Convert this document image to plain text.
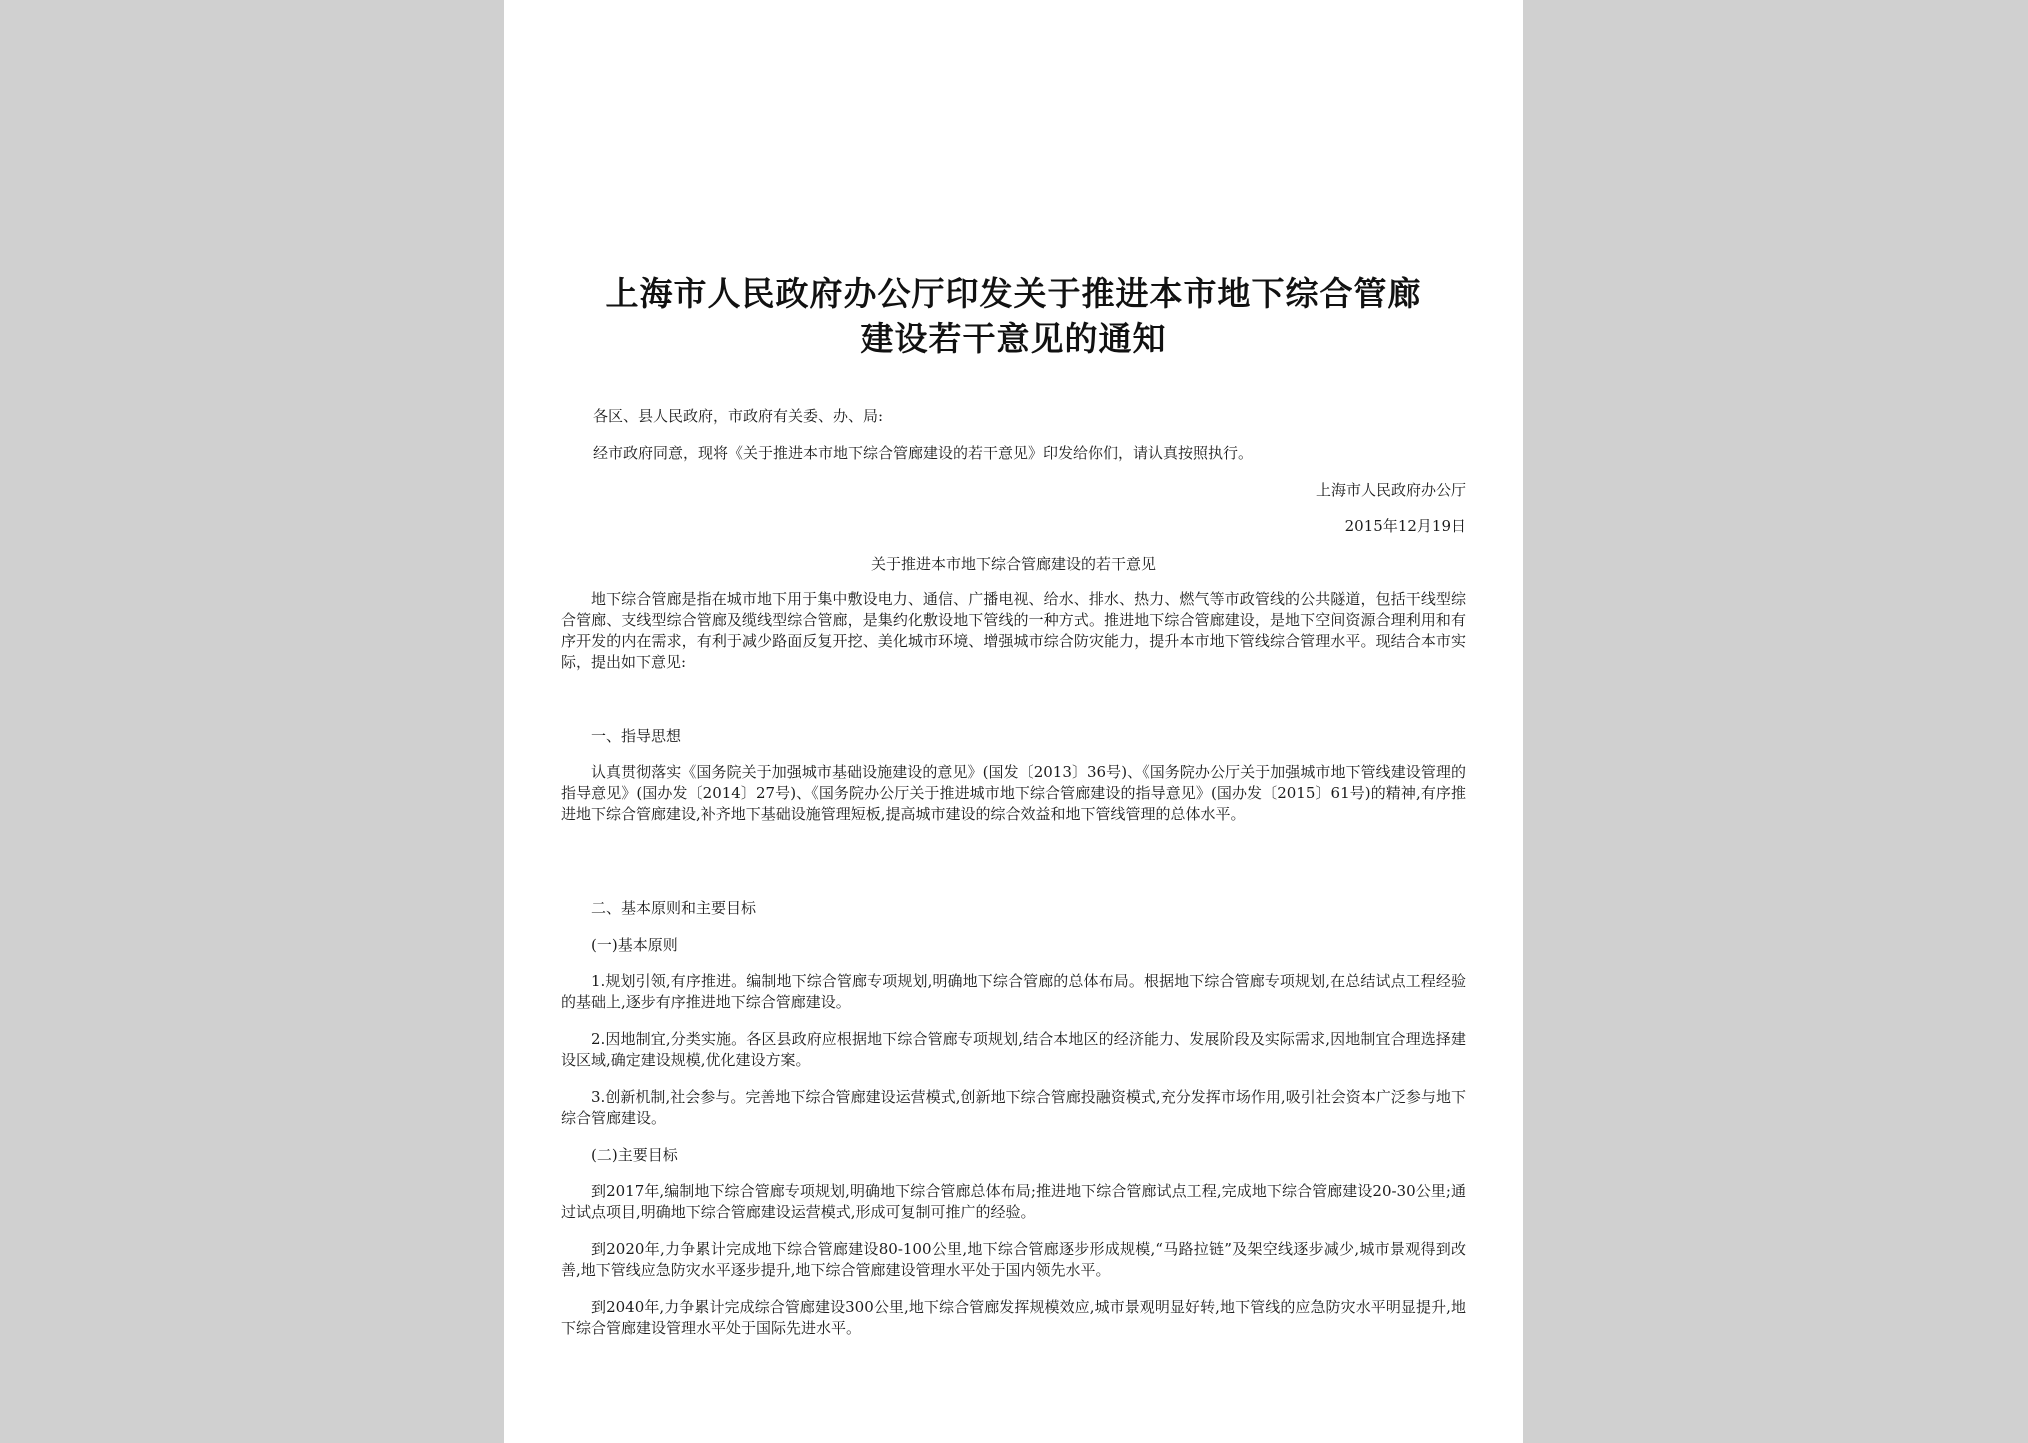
上海市人民政府办公厅印发关于推进本市地下综合管廊
建设若干意见的通知
各区、县人民政府，市政府有关委、办、局:
经市政府同意，现将《关于推进本市地下综合管廊建设的若干意见》印发给你们，请认真按照执行。
上海市人民政府办公厅
2015年12月19日
关于推进本市地下综合管廊建设的若干意见
地下综合管廊是指在城市地下用于集中敷设电力、通信、广播电视、给水、排水、热力、燃气等市政管线的公共隧道，包括干线型综合管廊、支线型综合管廊及缆线型综合管廊，是集约化敷设地下管线的一种方式。推进地下综合管廊建设，是地下空间资源合理利用和有序开发的内在需求，有利于减少路面反复开挖、美化城市环境、增强城市综合防灾能力，提升本市地下管线综合管理水平。现结合本市实际，提出如下意见:
一、指导思想
认真贯彻落实《国务院关于加强城市基础设施建设的意见》(国发〔2013〕36号)、《国务院办公厅关于加强城市地下管线建设管理的指导意见》(国办发〔2014〕27号)、《国务院办公厅关于推进城市地下综合管廊建设的指导意见》(国办发〔2015〕61号)的精神,有序推进地下综合管廊建设,补齐地下基础设施管理短板,提高城市建设的综合效益和地下管线管理的总体水平。
二、基本原则和主要目标
(一)基本原则
1.规划引领,有序推进。编制地下综合管廊专项规划,明确地下综合管廊的总体布局。根据地下综合管廊专项规划,在总结试点工程经验的基础上,逐步有序推进地下综合管廊建设。
2.因地制宜,分类实施。各区县政府应根据地下综合管廊专项规划,结合本地区的经济能力、发展阶段及实际需求,因地制宜合理选择建设区域,确定建设规模,优化建设方案。
3.创新机制,社会参与。完善地下综合管廊建设运营模式,创新地下综合管廊投融资模式,充分发挥市场作用,吸引社会资本广泛参与地下综合管廊建设。
(二)主要目标
到2017年,编制地下综合管廊专项规划,明确地下综合管廊总体布局;推进地下综合管廊试点工程,完成地下综合管廊建设20-30公里;通过试点项目,明确地下综合管廊建设运营模式,形成可复制可推广的经验。
到2020年,力争累计完成地下综合管廊建设80-100公里,地下综合管廊逐步形成规模,“马路拉链”及架空线逐步减少,城市景观得到改善,地下管线应急防灾水平逐步提升,地下综合管廊建设管理水平处于国内领先水平。
到2040年,力争累计完成综合管廊建设300公里,地下综合管廊发挥规模效应,城市景观明显好转,地下管线的应急防灾水平明显提升,地下综合管廊建设管理水平处于国际先进水平。
